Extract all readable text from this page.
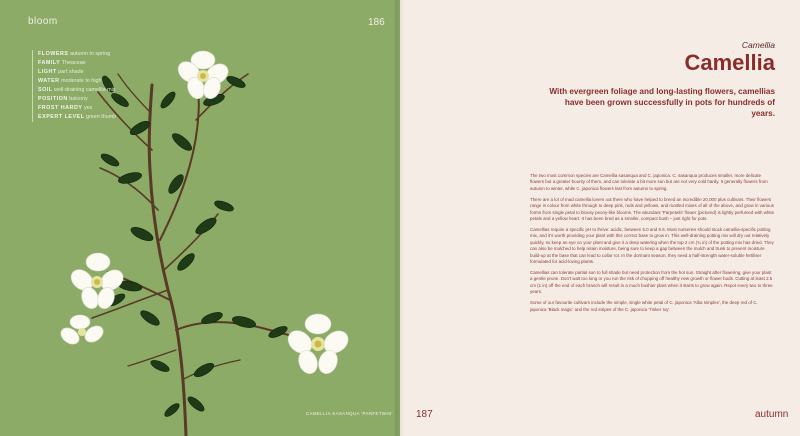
bloom	186
FLOWERS autumn to spring
FAMILY Theaceae
LIGHT part shade
WATER moderate to high
SOIL well-draining camellia mix
POSITION balcony
FROST HARDY yes
EXPERT LEVEL green thumb
CAMELLIA SASANQUA 'PARFETWHI'
Camellia
Camellia
With evergreen foliage and long-lasting flowers, camellias have been grown successfully in pots for hundreds of years.

The two most common species are Camellia sasanqua and C. japonica. C. sasanqua produces smaller, more delicate flowers but a greater bounty of them, and can tolerate a bit more sun but are not very cold hardy. It generally flowers from autumn to winter, while C. japonica flowers last from autumn to spring.

There are a lot of mad camellia lovers out there who have helped to breed an incredible 20,000 plus cultivars. Their flowers range in colour from white through to deep pink, reds and yellows, and mottled mixes of all of the above, and grow in various forms from single petal to blousy peony-like blooms. The abundant 'Parpetwhi' flower (pictured) is lightly perfumed with white petals and a yellow heart. It has been bred as a smaller, compact bush – just right for pots.

Camellias require a specific pH to thrive: acidic, between 5.0 and 6.5. Most nurseries should stock camellia-specific potting mix, and it's worth providing your plant with this correct base to grow in. This well-draining potting mix will dry out relatively quickly, so keep an eye on your plant and give it a deep watering when the top 2 cm (¾ in) of the potting mix has dried. They can also be mulched to help retain moisture, being sure to keep a gap between the mulch and trunk to prevent moisture build-up at the base that can lead to collar rot. In the dormant season, they need a half-strength water-soluble fertiliser formulated for acid-loving plants.

Camellias can tolerate partial sun to full shade but need protection from the hot sun. Straight after flowering, give your plant a gentle prune. Don't wait too long or you run the risk of chopping off healthy new growth or flower buds. Cutting at least 2.5 cm (1 in) off the end of each branch will result in a much bushier plant when it starts to grow again. Repot every two to three years.

Some of our favourite cultivars include the simple, single white petal of C. japonica 'Alba simplex', the deep red of C. japonica 'Black magic' and the red stripes of the C. japonica 'Tinker toy'.

187	autumn
